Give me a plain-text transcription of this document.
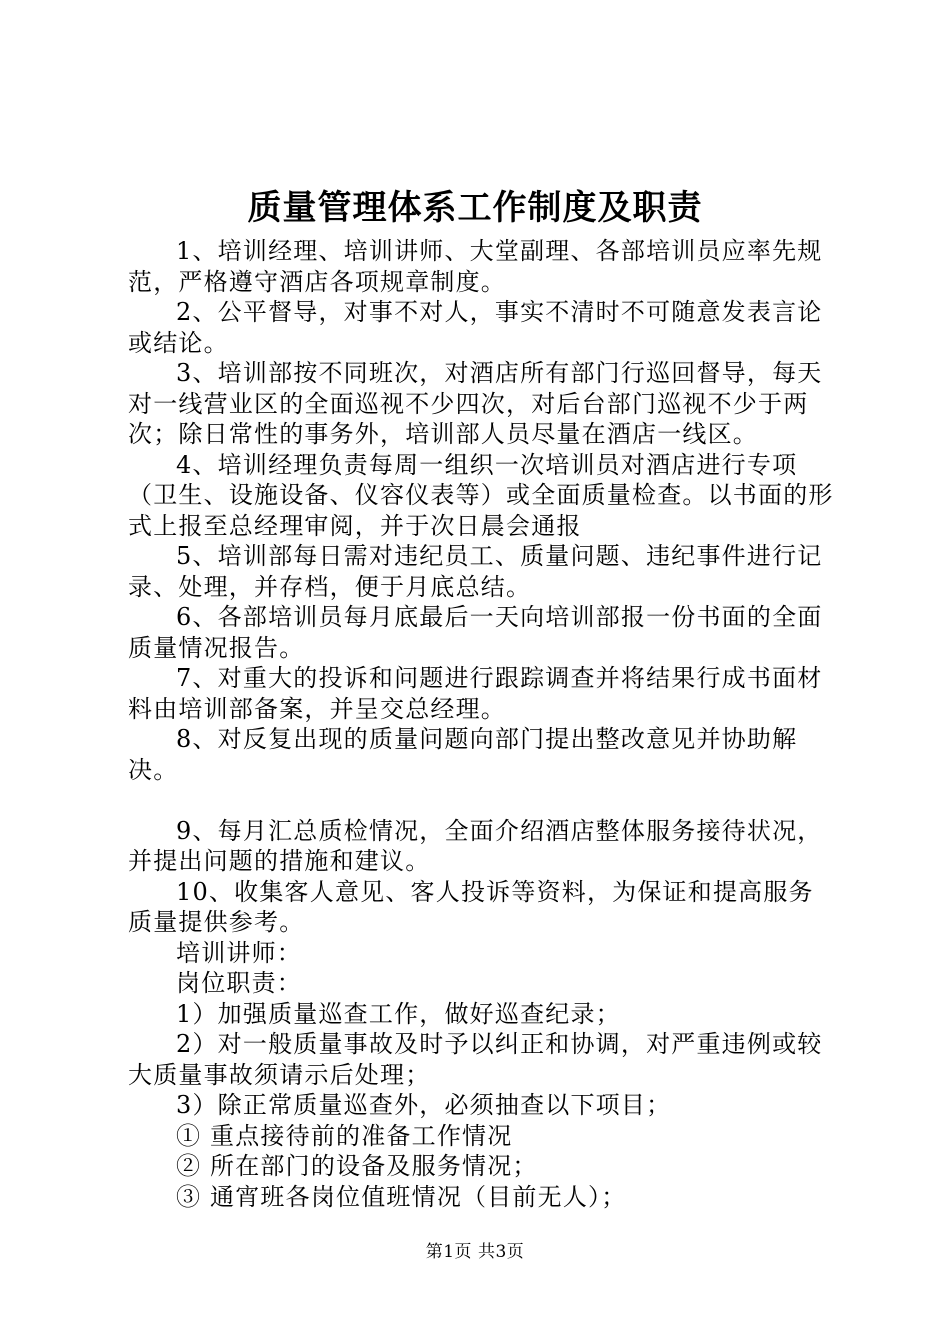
质量管理体系工作制度及职责

1、培训经理、培训讲师、大堂副理、各部培训员应率先规范，严格遵守酒店各项规章制度。

2、公平督导，对事不对人，事实不清时不可随意发表言论或结论。

3、培训部按不同班次，对酒店所有部门行巡回督导，每天对一线营业区的全面巡视不少四次，对后台部门巡视不少于两次；除日常性的事务外，培训部人员尽量在酒店一线区。

4、培训经理负责每周一组织一次培训员对酒店进行专项（卫生、设施设备、仪容仪表等）或全面质量检查。以书面的形式上报至总经理审阅，并于次日晨会通报

5、培训部每日需对违纪员工、质量问题、违纪事件进行记录、处理，并存档，便于月底总结。

6、各部培训员每月底最后一天向培训部报一份书面的全面质量情况报告。

7、对重大的投诉和问题进行跟踪调查并将结果行成书面材料由培训部备案，并呈交总经理。

8、对反复出现的质量问题向部门提出整改意见并协助解决。

9、每月汇总质检情况，全面介绍酒店整体服务接待状况，并提出问题的措施和建议。

10、收集客人意见、客人投诉等资料，为保证和提高服务质量提供参考。

培训讲师：

岗位职责：

1）加强质量巡查工作，做好巡查纪录；

2）对一般质量事故及时予以纠正和协调，对严重违例或较大质量事故须请示后处理；

3）除正常质量巡查外，必须抽查以下项目；

① 重点接待前的准备工作情况

② 所在部门的设备及服务情况；

③ 通宵班各岗位值班情况（目前无人）；

第1页 共3页
